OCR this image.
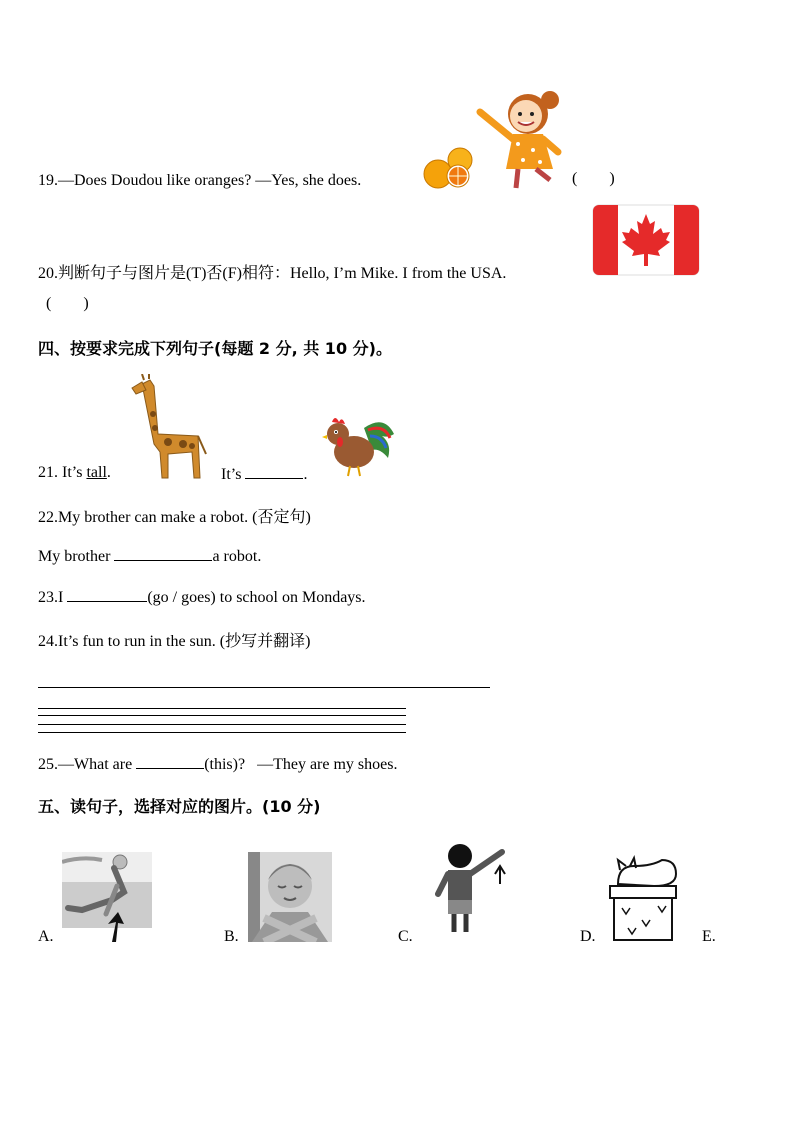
19.—Does Doudou like oranges? —Yes, she does.	(        )
20.判断句子与图片是(T)否(F)相符：Hello, I’m Mike. I from the USA.
(        )
四、按要求完成下列句子(每题 2 分, 共 10 分)。
21. It’s tall.	It’s	.
22.My brother can make a robot. (否定句)
My brother	a robot.
23.I	(go / goes) to school on Mondays.
24.It’s fun to run in the sun. (抄写并翻译)
25.—What are	(this)?   —They are my shoes.
五、读句子，选择对应的图片。(10 分)
A.	B.	C.	D.	E.
